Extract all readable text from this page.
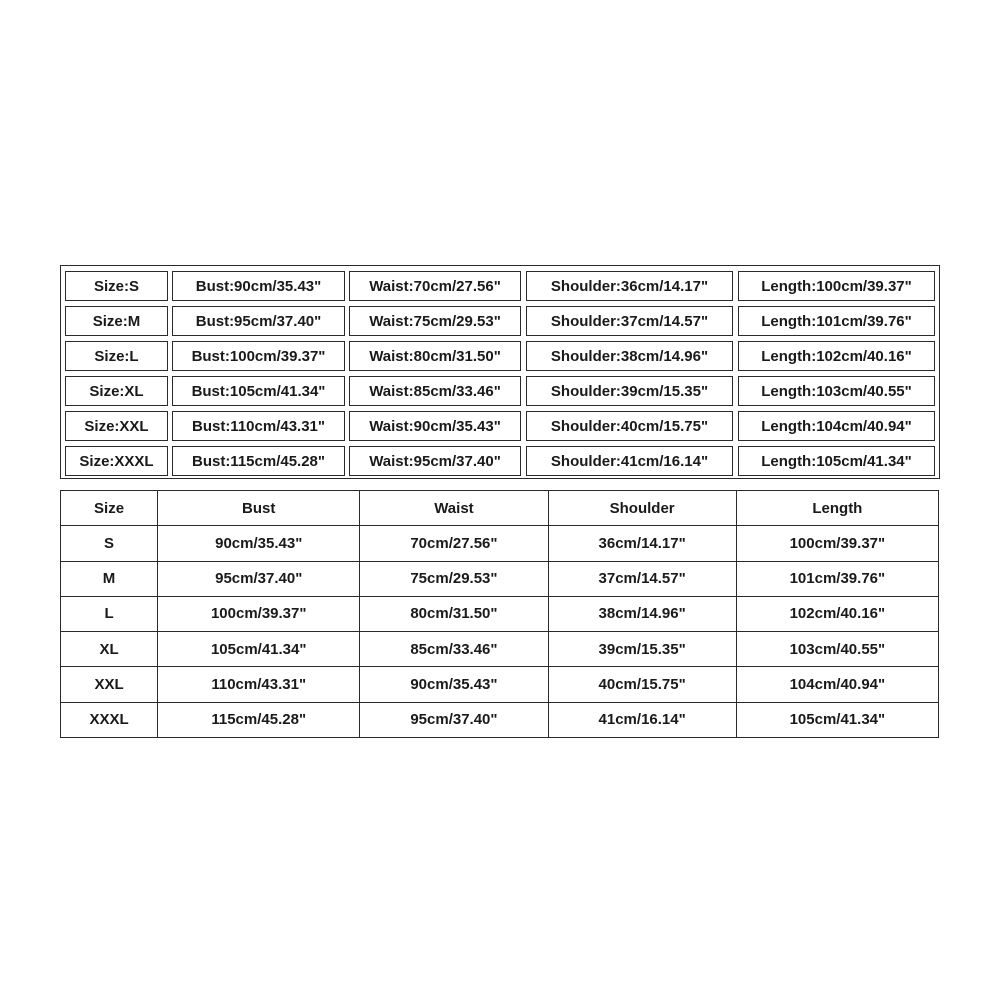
Size:S	Bust:90cm/35.43"	Waist:70cm/27.56"	Shoulder:36cm/14.17"	Length:100cm/39.37"
Size:M	Bust:95cm/37.40"	Waist:75cm/29.53"	Shoulder:37cm/14.57"	Length:101cm/39.76"
Size:L	Bust:100cm/39.37"	Waist:80cm/31.50"	Shoulder:38cm/14.96"	Length:102cm/40.16"
Size:XL	Bust:105cm/41.34"	Waist:85cm/33.46"	Shoulder:39cm/15.35"	Length:103cm/40.55"
Size:XXL	Bust:110cm/43.31"	Waist:90cm/35.43"	Shoulder:40cm/15.75"	Length:104cm/40.94"
Size:XXXL	Bust:115cm/45.28"	Waist:95cm/37.40"	Shoulder:41cm/16.14"	Length:105cm/41.34"
Size	Bust	Waist	Shoulder	Length
S	90cm/35.43"	70cm/27.56"	36cm/14.17"	100cm/39.37"
M	95cm/37.40"	75cm/29.53"	37cm/14.57"	101cm/39.76"
L	100cm/39.37"	80cm/31.50"	38cm/14.96"	102cm/40.16"
XL	105cm/41.34"	85cm/33.46"	39cm/15.35"	103cm/40.55"
XXL	110cm/43.31"	90cm/35.43"	40cm/15.75"	104cm/40.94"
XXXL	115cm/45.28"	95cm/37.40"	41cm/16.14"	105cm/41.34"
